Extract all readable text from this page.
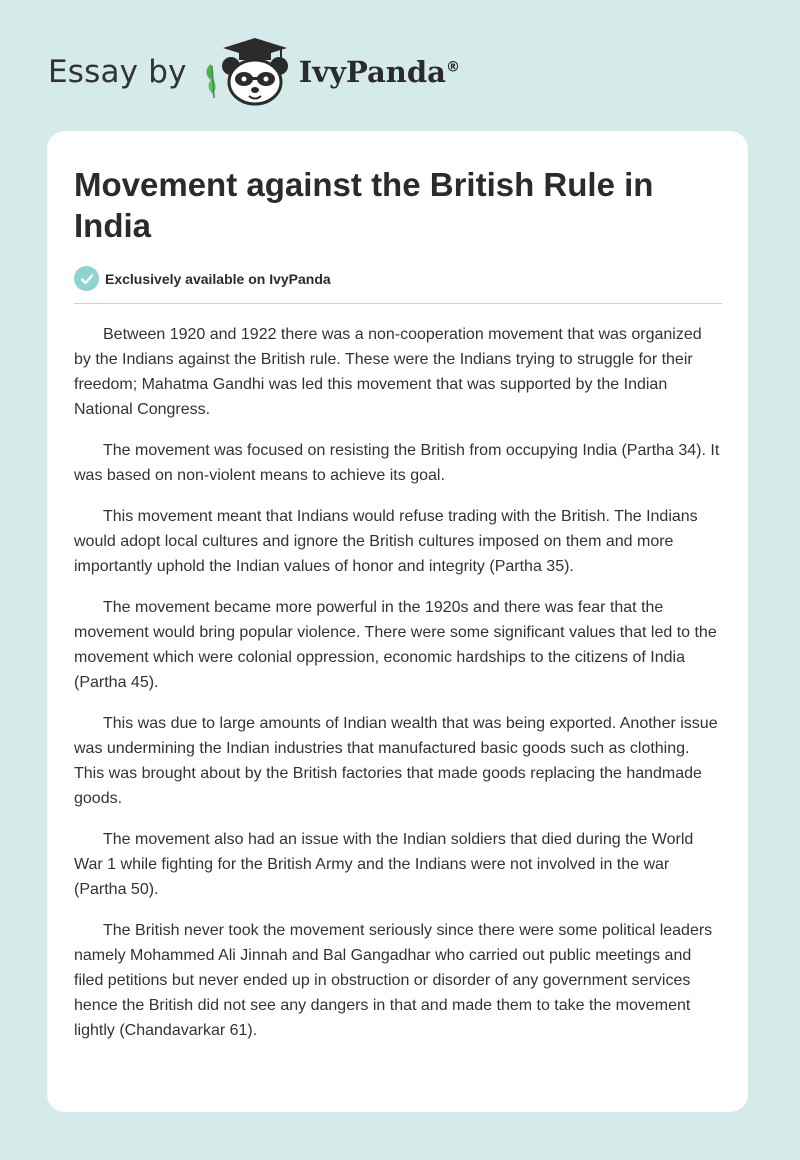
Essay by	IvyPanda®
Movement against the British Rule in India
Exclusively available on IvyPanda

Between 1920 and 1922 there was a non-cooperation movement that was organized by the Indians against the British rule. These were the Indians trying to struggle for their freedom; Mahatma Gandhi was led this movement that was supported by the Indian National Congress.

The movement was focused on resisting the British from occupying India (Partha 34). It was based on non-violent means to achieve its goal.

This movement meant that Indians would refuse trading with the British. The Indians would adopt local cultures and ignore the British cultures imposed on them and more importantly uphold the Indian values of honor and integrity (Partha 35).

The movement became more powerful in the 1920s and there was fear that the movement would bring popular violence. There were some significant values that led to the movement which were colonial oppression, economic hardships to the citizens of India (Partha 45).

This was due to large amounts of Indian wealth that was being exported. Another issue was undermining the Indian industries that manufactured basic goods such as clothing. This was brought about by the British factories that made goods replacing the handmade goods.

The movement also had an issue with the Indian soldiers that died during the World War 1 while fighting for the British Army and the Indians were not involved in the war (Partha 50).

The British never took the movement seriously since there were some political leaders namely Mohammed Ali Jinnah and Bal Gangadhar who carried out public meetings and filed petitions but never ended up in obstruction or disorder of any government services hence the British did not see any dangers in that and made them to take the movement lightly (Chandavarkar 61).
